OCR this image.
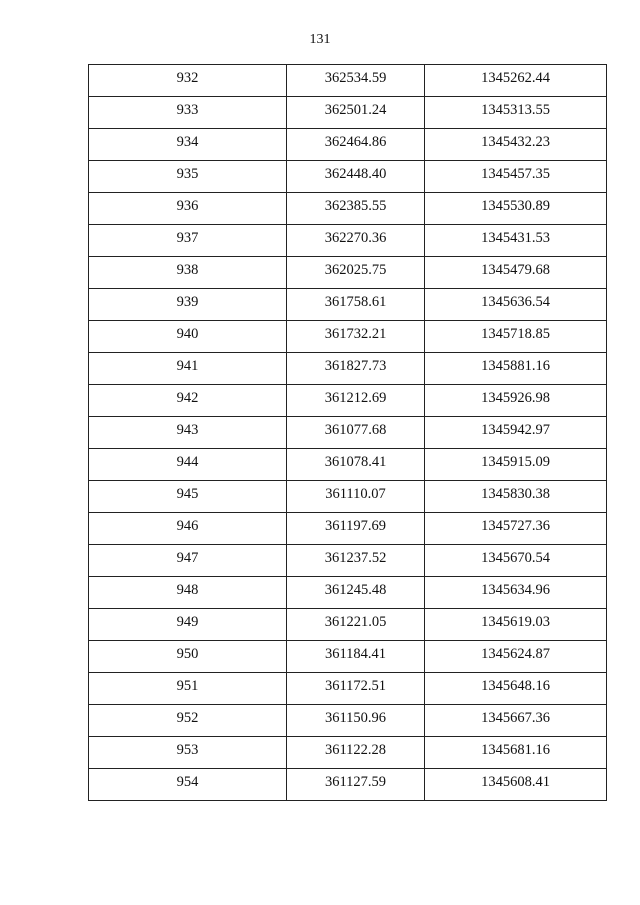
131
932	362534.59	1345262.44
933	362501.24	1345313.55
934	362464.86	1345432.23
935	362448.40	1345457.35
936	362385.55	1345530.89
937	362270.36	1345431.53
938	362025.75	1345479.68
939	361758.61	1345636.54
940	361732.21	1345718.85
941	361827.73	1345881.16
942	361212.69	1345926.98
943	361077.68	1345942.97
944	361078.41	1345915.09
945	361110.07	1345830.38
946	361197.69	1345727.36
947	361237.52	1345670.54
948	361245.48	1345634.96
949	361221.05	1345619.03
950	361184.41	1345624.87
951	361172.51	1345648.16
952	361150.96	1345667.36
953	361122.28	1345681.16
954	361127.59	1345608.41
